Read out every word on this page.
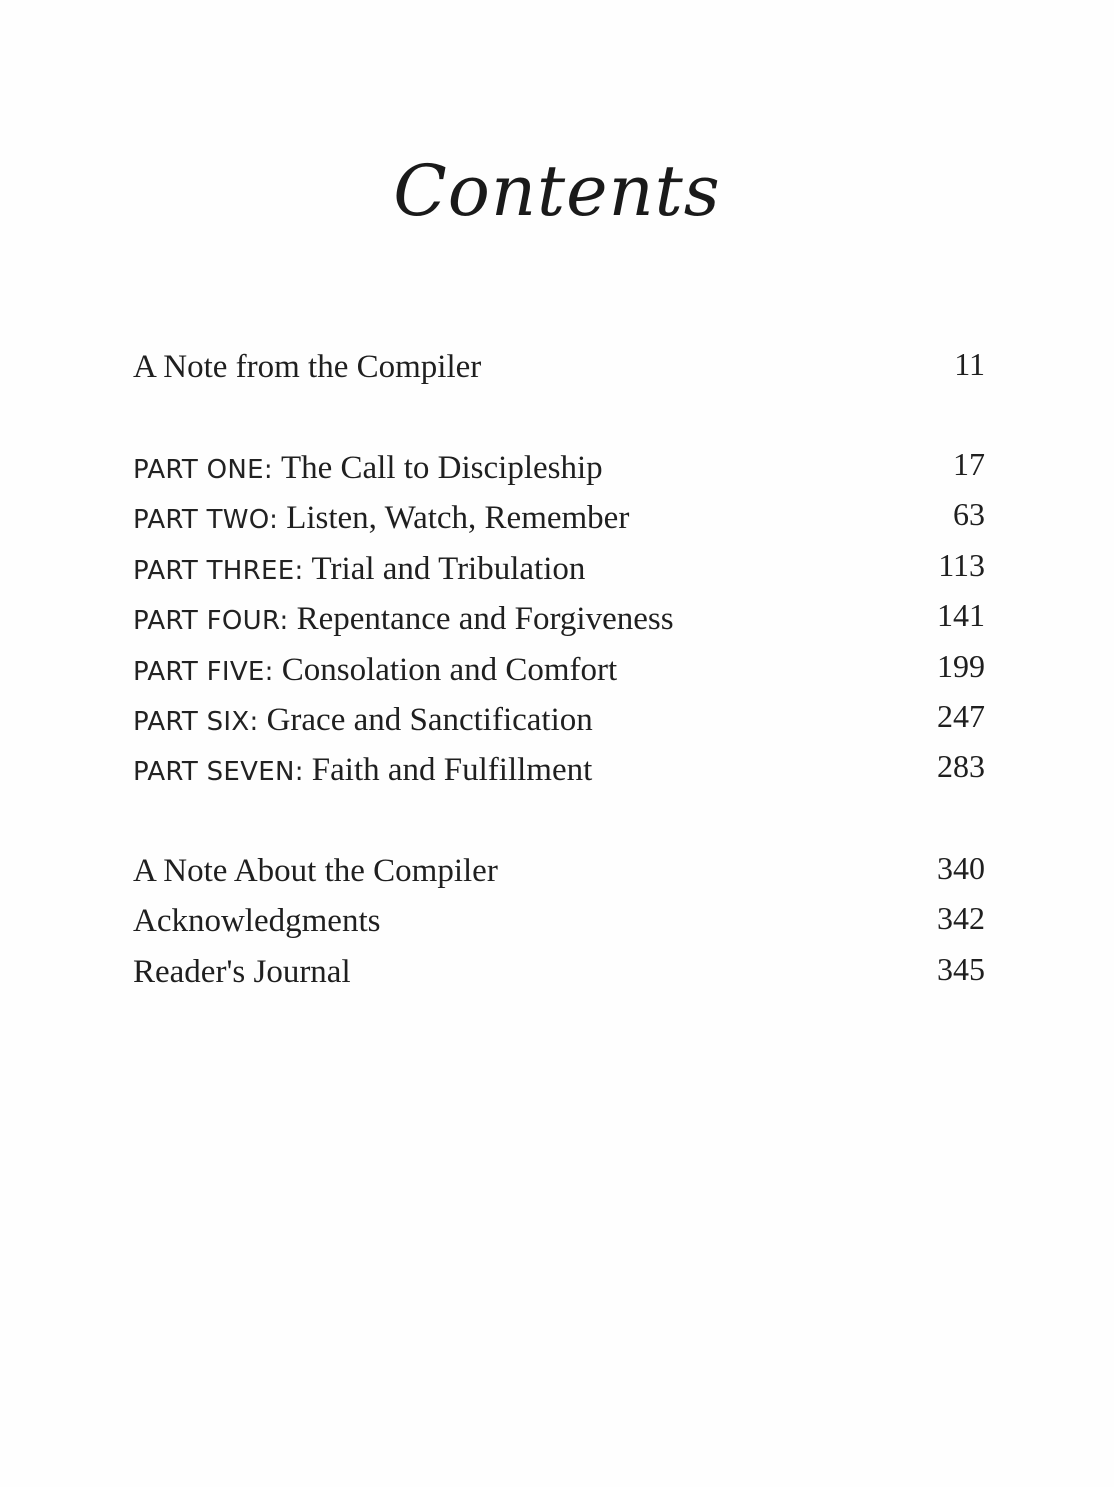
Contents
A Note from the Compiler	11
PART ONE: The Call to Discipleship	17
PART TWO: Listen, Watch, Remember	63
PART THREE: Trial and Tribulation	113
PART FOUR: Repentance and Forgiveness	141
PART FIVE: Consolation and Comfort	199
PART SIX: Grace and Sanctification	247
PART SEVEN: Faith and Fulfillment	283
A Note About the Compiler	340
Acknowledgments	342
Reader's Journal	345
